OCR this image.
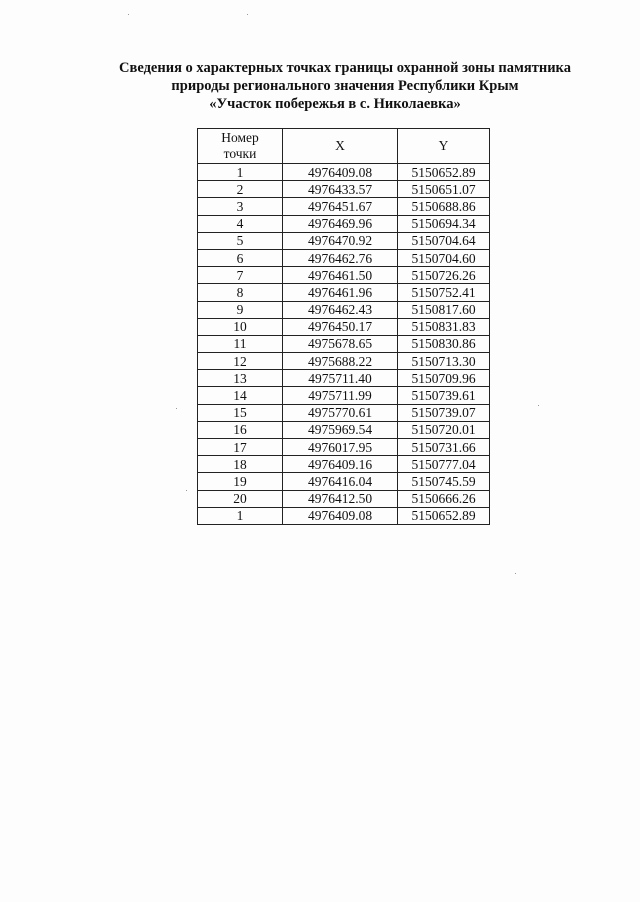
Сведения о характерных точках границы охранной зоны памятника
природы регионального значения Республики Крым
«Участок побережья в с. Николаевка»
Номер
точки	X	Y
1	4976409.08	5150652.89
2	4976433.57	5150651.07
3	4976451.67	5150688.86
4	4976469.96	5150694.34
5	4976470.92	5150704.64
6	4976462.76	5150704.60
7	4976461.50	5150726.26
8	4976461.96	5150752.41
9	4976462.43	5150817.60
10	4976450.17	5150831.83
11	4975678.65	5150830.86
12	4975688.22	5150713.30
13	4975711.40	5150709.96
14	4975711.99	5150739.61
15	4975770.61	5150739.07
16	4975969.54	5150720.01
17	4976017.95	5150731.66
18	4976409.16	5150777.04
19	4976416.04	5150745.59
20	4976412.50	5150666.26
1	4976409.08	5150652.89
